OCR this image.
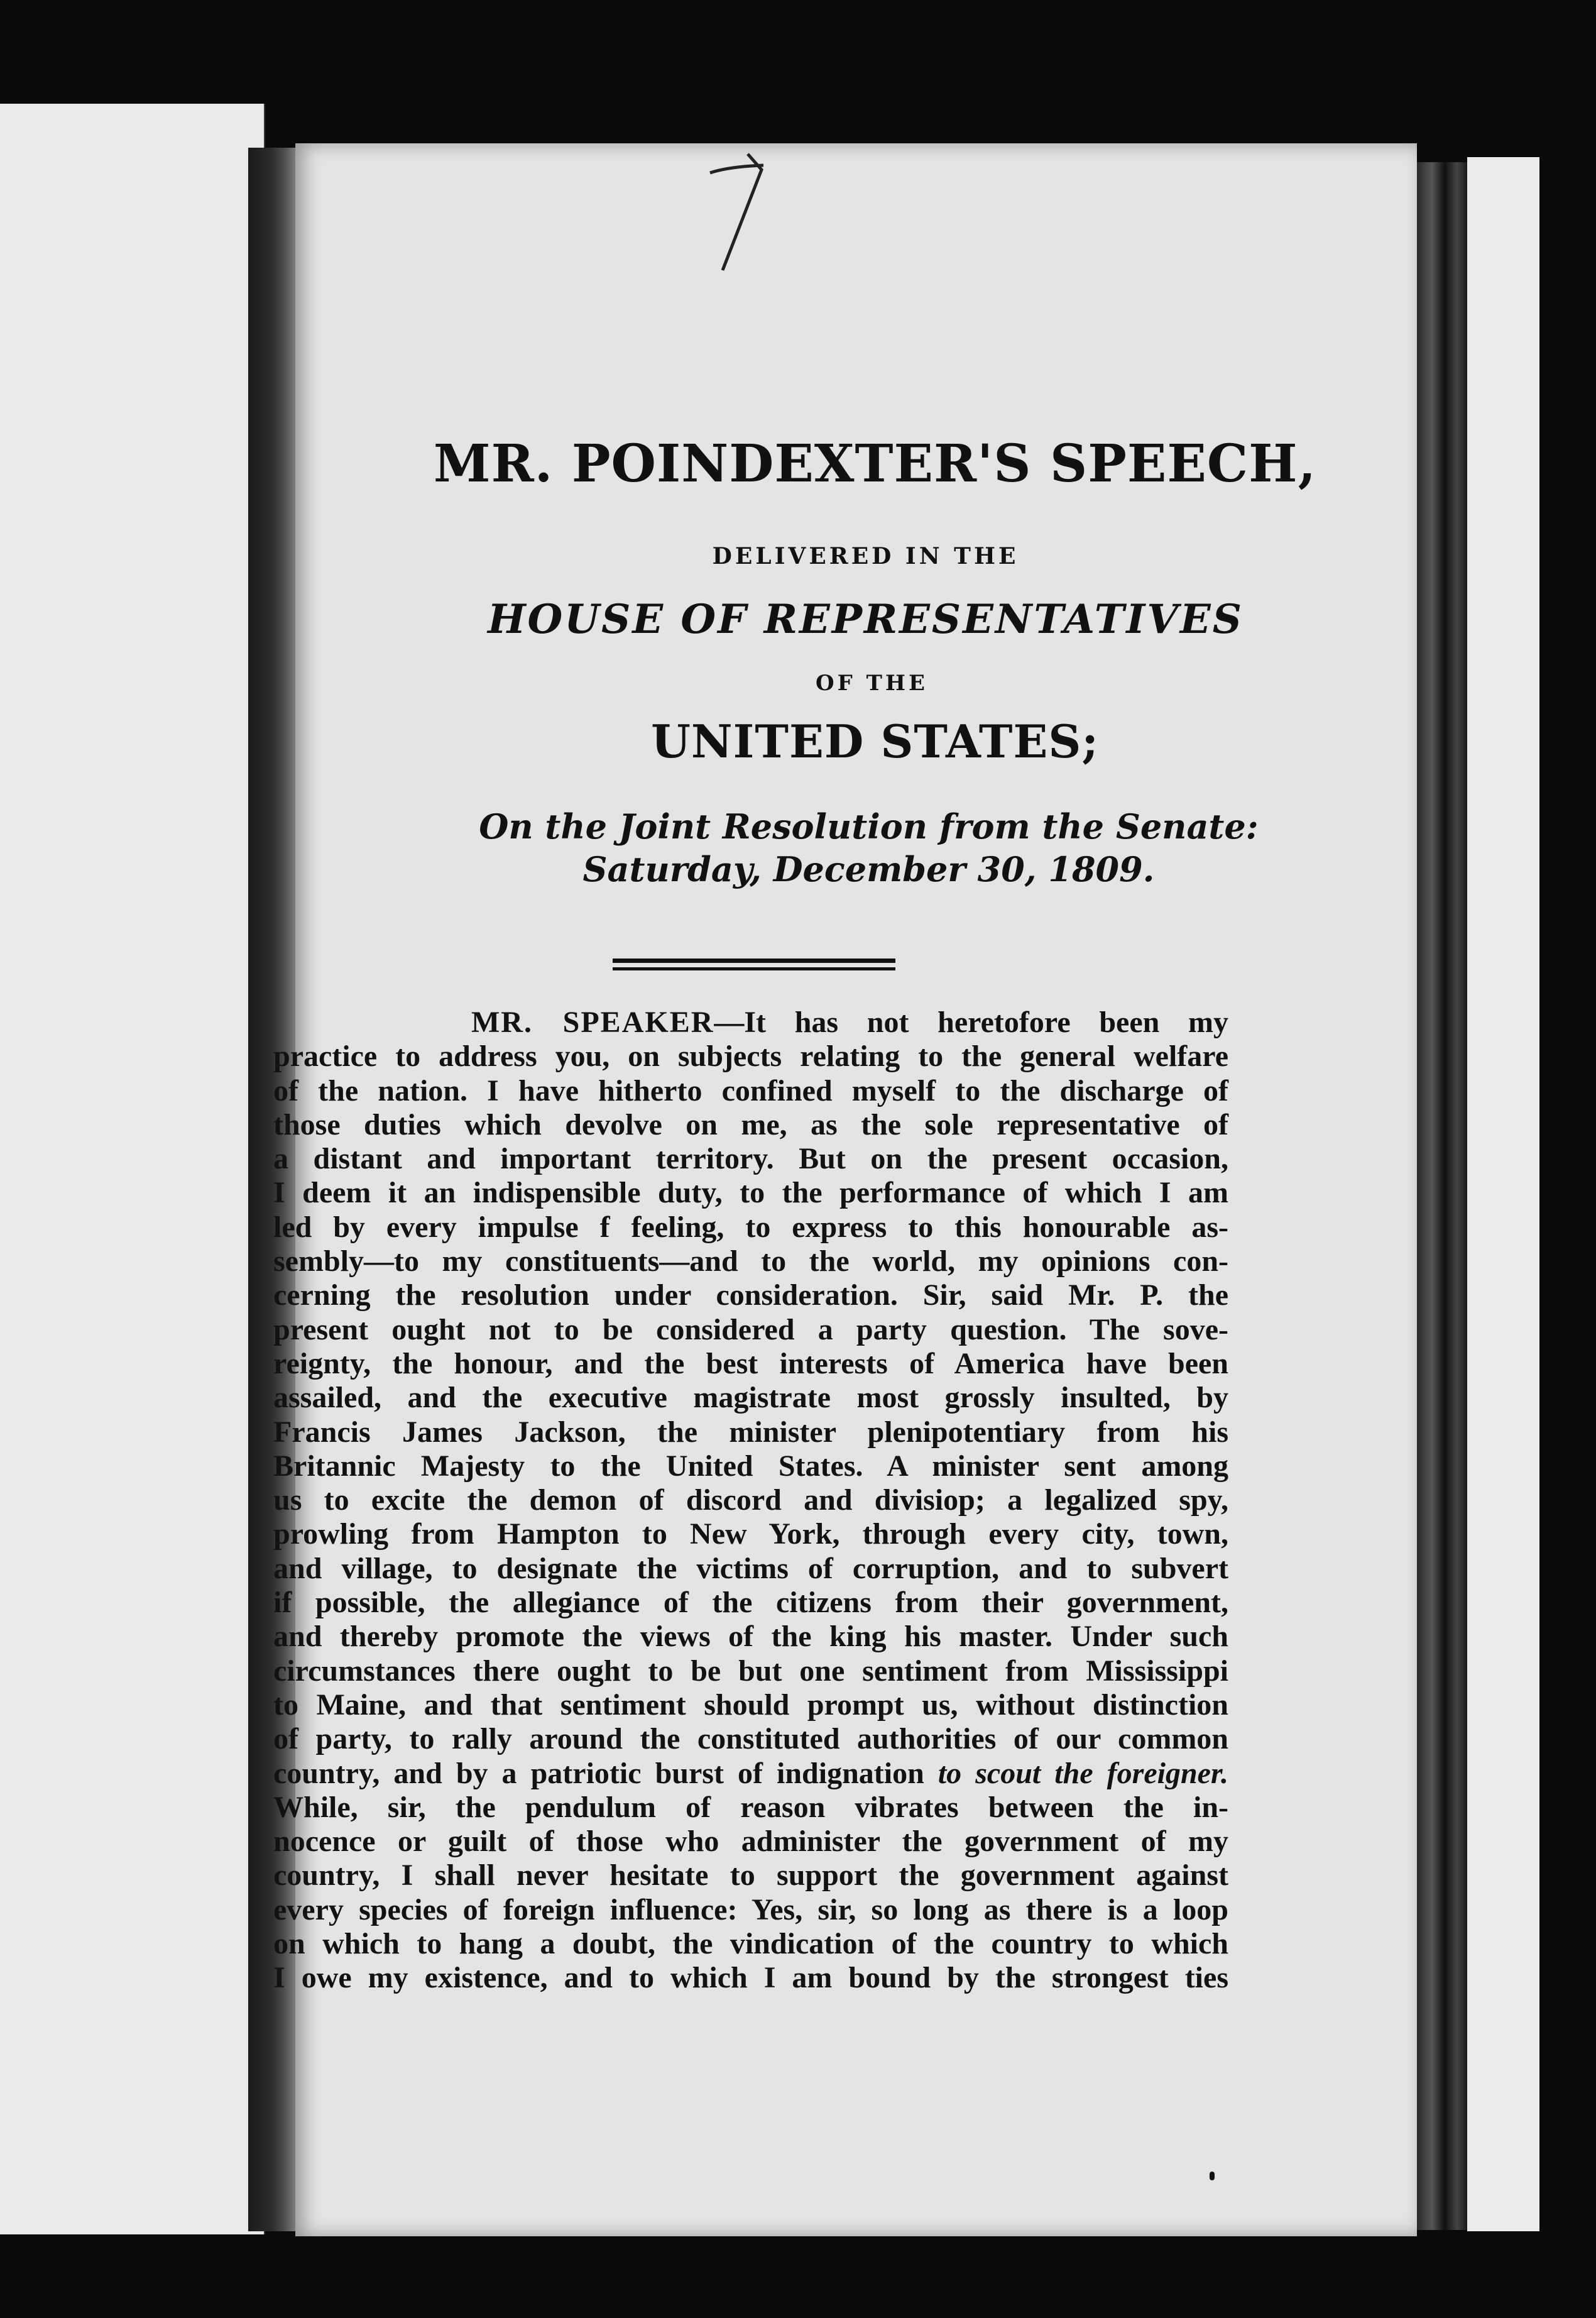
MR. POINDEXTER'S SPEECH,
DELIVERED IN THE
HOUSE OF REPRESENTATIVES
OF THE
UNITED STATES;
On the Joint Resolution from the Senate:
Saturday, December 30, 1809.
MR. SPEAKER—It has not heretofore been my
practice to address you, on subjects relating to the general welfare
of the nation. I have hitherto confined myself to the discharge of
those duties which devolve on me, as the sole representative of
a distant and important territory. But on the present occasion,
I deem it an indispensible duty, to the performance of which I am
led by every impulse f feeling, to express to this honourable as-
sembly—to my constituents—and to the world, my opinions con-
cerning the resolution under consideration. Sir, said Mr. P. the
present ought not to be considered a party question. The sove-
reignty, the honour, and the best interests of America have been
assailed, and the executive magistrate most grossly insulted, by
Francis James Jackson, the minister plenipotentiary from his
Britannic Majesty to the United States. A minister sent among
us to excite the demon of discord and divisiop; a legalized spy,
prowling from Hampton to New York, through every city, town,
and village, to designate the victims of corruption, and to subvert
if possible, the allegiance of the citizens from their government,
and thereby promote the views of the king his master. Under such
circumstances there ought to be but one sentiment from Mississippi
to Maine, and that sentiment should prompt us, without distinction
of party, to rally around the constituted authorities of our common
country, and by a patriotic burst of indignation to scout the foreigner.
While, sir, the pendulum of reason vibrates between the in-
nocence or guilt of those who administer the government of my
country, I shall never hesitate to support the government against
every species of foreign influence: Yes, sir, so long as there is a loop
on which to hang a doubt, the vindication of the country to which
I owe my existence, and to which I am bound by the strongest ties
